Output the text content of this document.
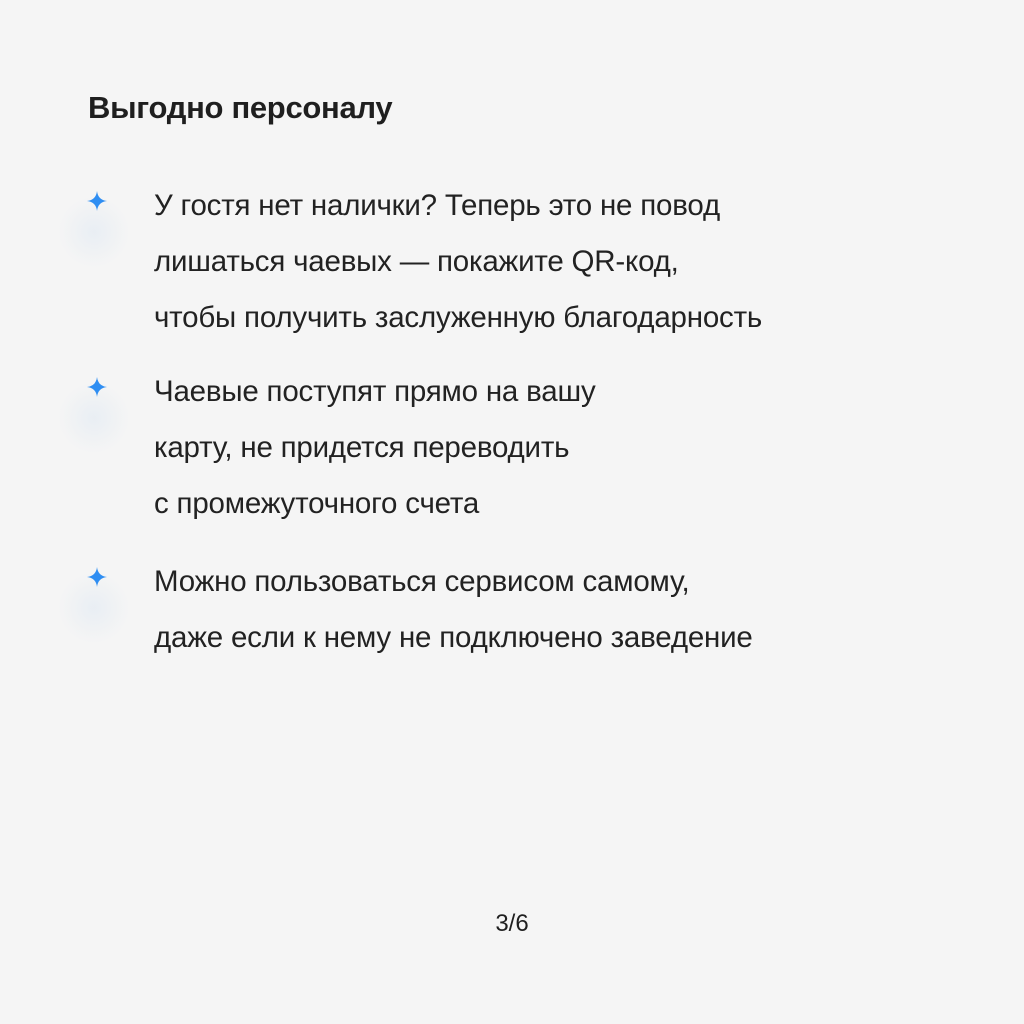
Выгодно персоналу
У гостя нет налички? Теперь это не повод
лишаться чаевых — покажите QR-код,
чтобы получить заслуженную благодарность
Чаевые поступят прямо на вашу
карту, не придется переводить
с промежуточного счета
Можно пользоваться сервисом самому,
даже если к нему не подключено заведение
3/6
